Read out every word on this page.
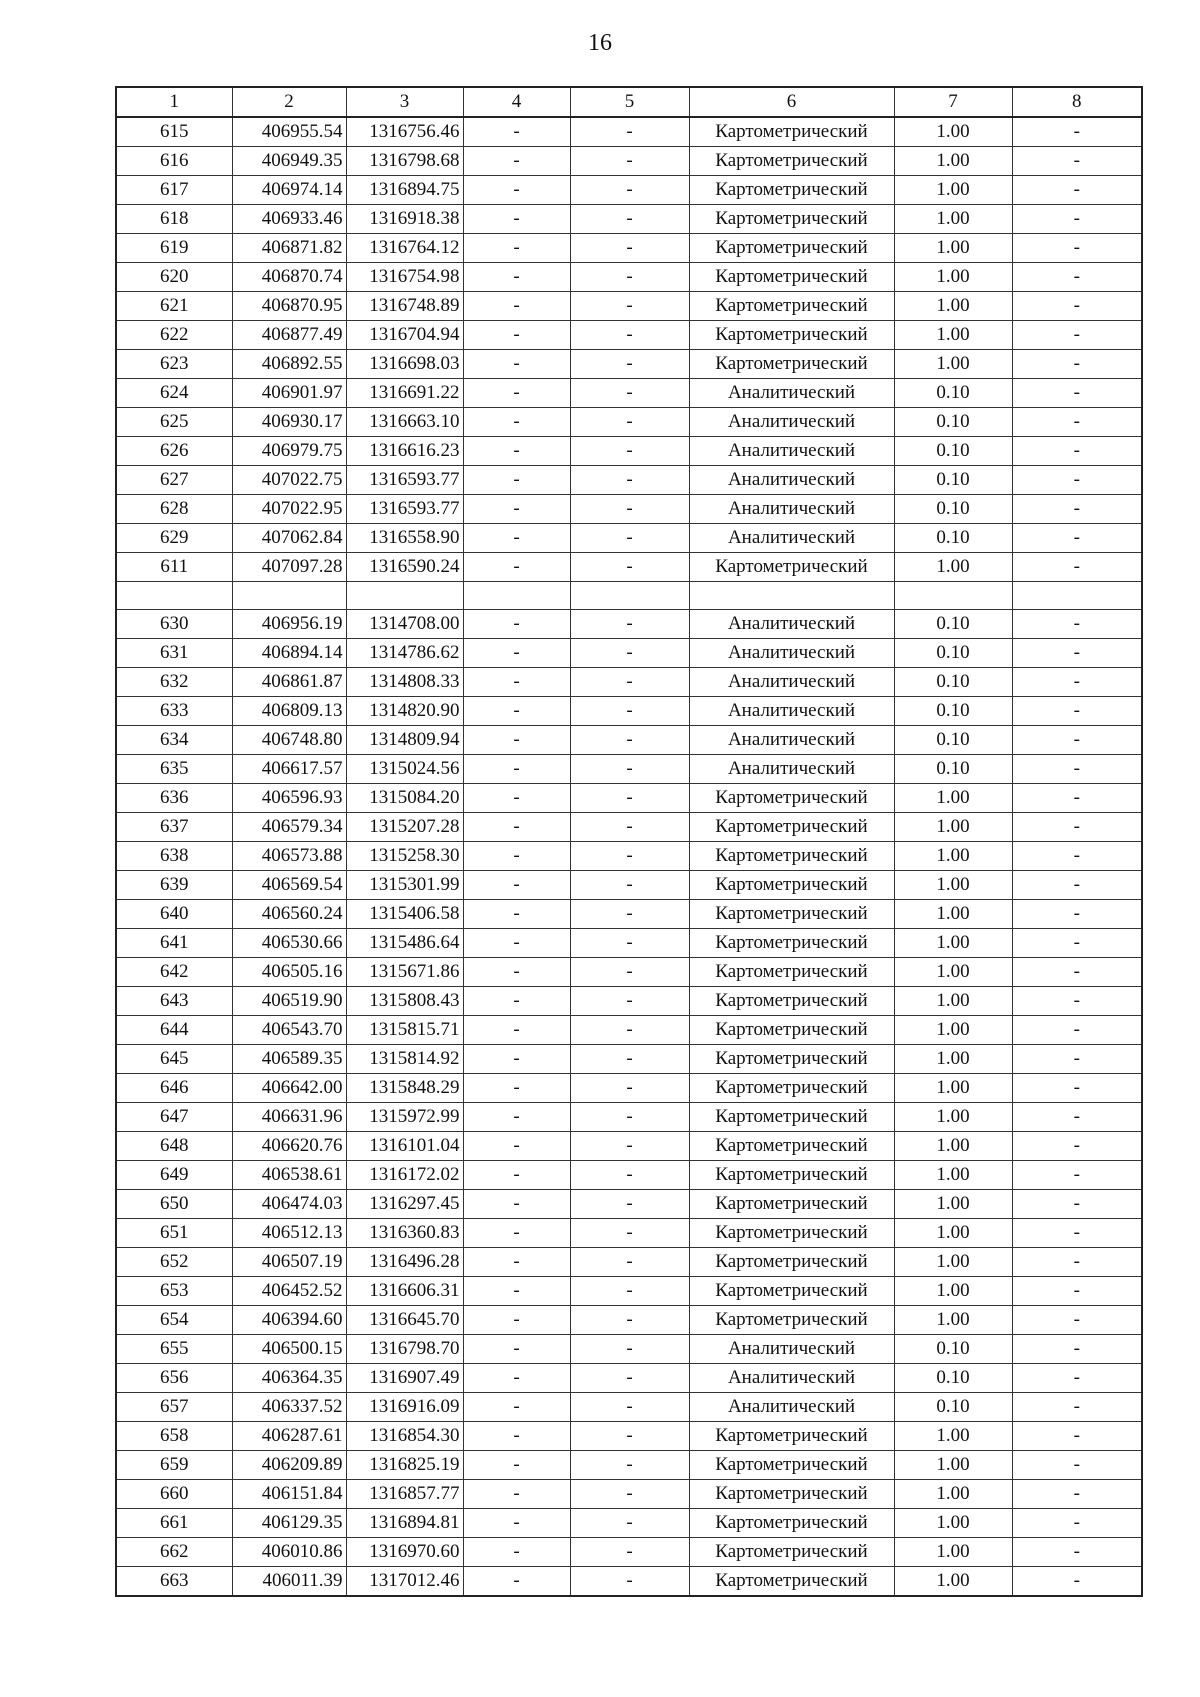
16
1	2	3	4	5	6	7	8
615	406955.54	1316756.46	-	-	Картометрический	1.00	-
616	406949.35	1316798.68	-	-	Картометрический	1.00	-
617	406974.14	1316894.75	-	-	Картометрический	1.00	-
618	406933.46	1316918.38	-	-	Картометрический	1.00	-
619	406871.82	1316764.12	-	-	Картометрический	1.00	-
620	406870.74	1316754.98	-	-	Картометрический	1.00	-
621	406870.95	1316748.89	-	-	Картометрический	1.00	-
622	406877.49	1316704.94	-	-	Картометрический	1.00	-
623	406892.55	1316698.03	-	-	Картометрический	1.00	-
624	406901.97	1316691.22	-	-	Аналитический	0.10	-
625	406930.17	1316663.10	-	-	Аналитический	0.10	-
626	406979.75	1316616.23	-	-	Аналитический	0.10	-
627	407022.75	1316593.77	-	-	Аналитический	0.10	-
628	407022.95	1316593.77	-	-	Аналитический	0.10	-
629	407062.84	1316558.90	-	-	Аналитический	0.10	-
611	407097.28	1316590.24	-	-	Картометрический	1.00	-

630	406956.19	1314708.00	-	-	Аналитический	0.10	-
631	406894.14	1314786.62	-	-	Аналитический	0.10	-
632	406861.87	1314808.33	-	-	Аналитический	0.10	-
633	406809.13	1314820.90	-	-	Аналитический	0.10	-
634	406748.80	1314809.94	-	-	Аналитический	0.10	-
635	406617.57	1315024.56	-	-	Аналитический	0.10	-
636	406596.93	1315084.20	-	-	Картометрический	1.00	-
637	406579.34	1315207.28	-	-	Картометрический	1.00	-
638	406573.88	1315258.30	-	-	Картометрический	1.00	-
639	406569.54	1315301.99	-	-	Картометрический	1.00	-
640	406560.24	1315406.58	-	-	Картометрический	1.00	-
641	406530.66	1315486.64	-	-	Картометрический	1.00	-
642	406505.16	1315671.86	-	-	Картометрический	1.00	-
643	406519.90	1315808.43	-	-	Картометрический	1.00	-
644	406543.70	1315815.71	-	-	Картометрический	1.00	-
645	406589.35	1315814.92	-	-	Картометрический	1.00	-
646	406642.00	1315848.29	-	-	Картометрический	1.00	-
647	406631.96	1315972.99	-	-	Картометрический	1.00	-
648	406620.76	1316101.04	-	-	Картометрический	1.00	-
649	406538.61	1316172.02	-	-	Картометрический	1.00	-
650	406474.03	1316297.45	-	-	Картометрический	1.00	-
651	406512.13	1316360.83	-	-	Картометрический	1.00	-
652	406507.19	1316496.28	-	-	Картометрический	1.00	-
653	406452.52	1316606.31	-	-	Картометрический	1.00	-
654	406394.60	1316645.70	-	-	Картометрический	1.00	-
655	406500.15	1316798.70	-	-	Аналитический	0.10	-
656	406364.35	1316907.49	-	-	Аналитический	0.10	-
657	406337.52	1316916.09	-	-	Аналитический	0.10	-
658	406287.61	1316854.30	-	-	Картометрический	1.00	-
659	406209.89	1316825.19	-	-	Картометрический	1.00	-
660	406151.84	1316857.77	-	-	Картометрический	1.00	-
661	406129.35	1316894.81	-	-	Картометрический	1.00	-
662	406010.86	1316970.60	-	-	Картометрический	1.00	-
663	406011.39	1317012.46	-	-	Картометрический	1.00	-
